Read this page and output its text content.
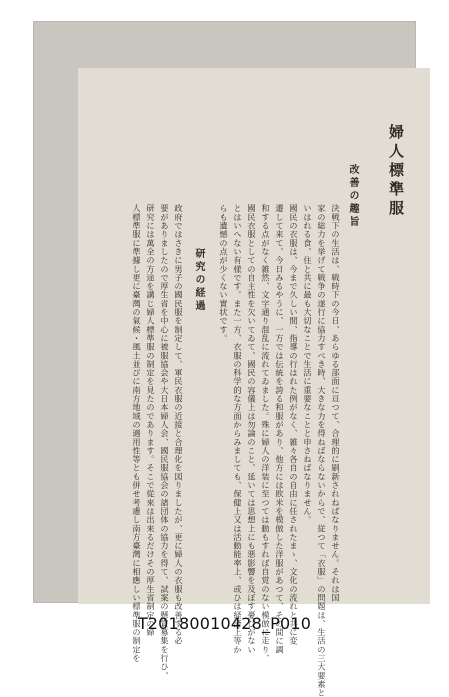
婦人標準服
改善の趣旨
決戦下の生活は、戦時下の今日、あらゆる部面に亘つて、合理的に刷新されねばなりません。それは国
家の総力を挙げて戦争の遂行に協力すべき時、大きな力を得ねばならないからで、従つて「衣服」の問題は、生活の三大要素と
いはれる食、住と共に最も大切なことで生活に重要なことと申さねばなりません。
國民の衣服は、今まで久しい間、指導の行はれた例がなく、雑々各自の自由に任されたまゝ、文化の流れと共に変
遷して来て、今日みるやうに、一方では伝統を誇る和服があり、他方には欧米を模倣した洋服があつて、その間に調
和する点がなく雑然、文字通り混乱に流れてゐました。殊に婦人の洋装に至つては動もすれば自覚のない模倣に走り、
國民衣服としての自主性を欠いてゐて、國民の容儀上は勿論のこと、延いては思想上にも悪影響を及ぼす憂ひがない
とはいへない有様です。また一方、衣服の科学的な方面からみましても、保健上又は活動能率上、或ひは経済上等か
らも遺憾の点が少くない實状です。
研究の経過
政府ではさきに男子の國民服を制定して、軍民衣服の近接と合理化を図りましたが、更に婦人の衣服も改善する必
要がありましたので厚生省を中心に被服協会や大日本婦人会、國民服協会の諸団体の協力を得て、試案の懸賞募集を行ひ、
研究には萬全の方途を講じ婦人標準服の制定を見たのであります。そこで從來は出来るだけその厚生省制定の婦
人標準服に準據し更に臺灣の氣候・風土並びに南方地域の適用性等とも併せ考慮し南方臺灣に相應しい標準服の制定を
T20180010428_P010
